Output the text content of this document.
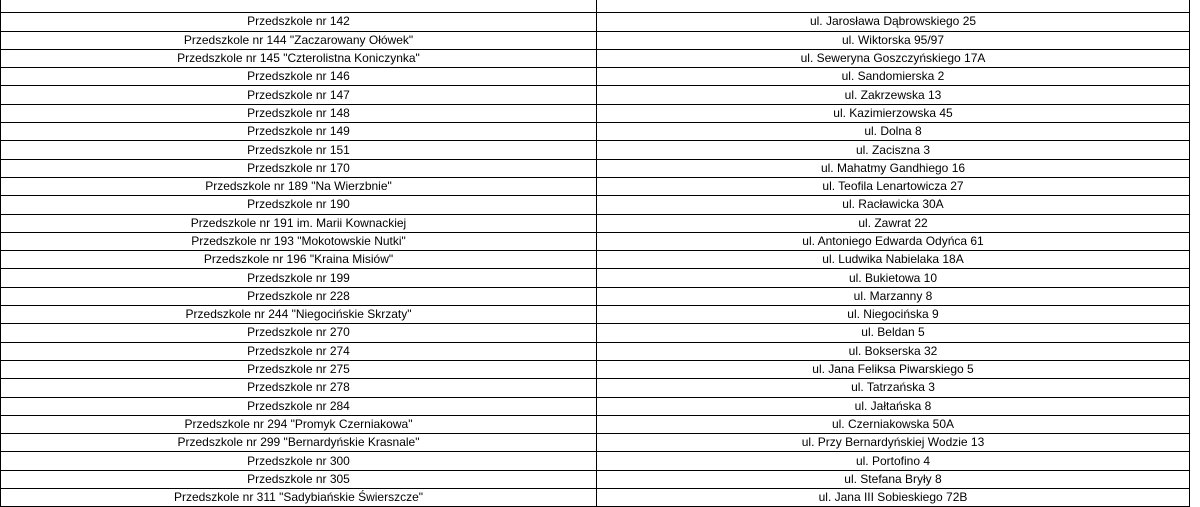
Przedszkole nr 142	ul. Jarosława Dąbrowskiego 25	
Przedszkole nr 144 "Zaczarowany Ołówek"	ul. Wiktorska 95/97	
Przedszkole nr 145 "Czterolistna Koniczynka"	ul. Seweryna Goszczyńskiego 17A	
Przedszkole nr 146	ul. Sandomierska 2	
Przedszkole nr 147	ul. Zakrzewska 13	
Przedszkole nr 148	ul. Kazimierzowska 45	
Przedszkole nr 149	ul. Dolna 8	
Przedszkole nr 151	ul. Zaciszna 3	
Przedszkole nr 170	ul. Mahatmy Gandhiego 16	
Przedszkole nr 189 "Na Wierzbnie"	ul. Teofila Lenartowicza 27	
Przedszkole nr 190	ul. Racławicka 30A	
Przedszkole nr 191 im. Marii Kownackiej	ul. Zawrat 22	
Przedszkole nr 193 "Mokotowskie Nutki"	ul. Antoniego Edwarda Odyńca 61	
Przedszkole nr 196 "Kraina Misiów"	ul. Ludwika Nabielaka 18A	
Przedszkole nr 199	ul. Bukietowa 10	
Przedszkole nr 228	ul. Marzanny 8	
Przedszkole nr 244 "Niegocińskie Skrzaty"	ul. Niegocińska 9	
Przedszkole nr 270	ul. Beldan 5	
Przedszkole nr 274	ul. Bokserska 32	
Przedszkole nr 275	ul. Jana Feliksa Piwarskiego 5	
Przedszkole nr 278	ul. Tatrzańska 3	
Przedszkole nr 284	ul. Jałtańska 8	
Przedszkole nr 294 "Promyk Czerniakowa"	ul. Czerniakowska 50A	
Przedszkole nr 299 "Bernardyńskie Krasnale"	ul. Przy Bernardyńskiej Wodzie 13	
Przedszkole nr 300	ul. Portofino 4	
Przedszkole nr 305	ul. Stefana Bryły 8	
Przedszkole nr 311 "Sadybiańskie Świerszcze"	ul. Jana III Sobieskiego 72B	
